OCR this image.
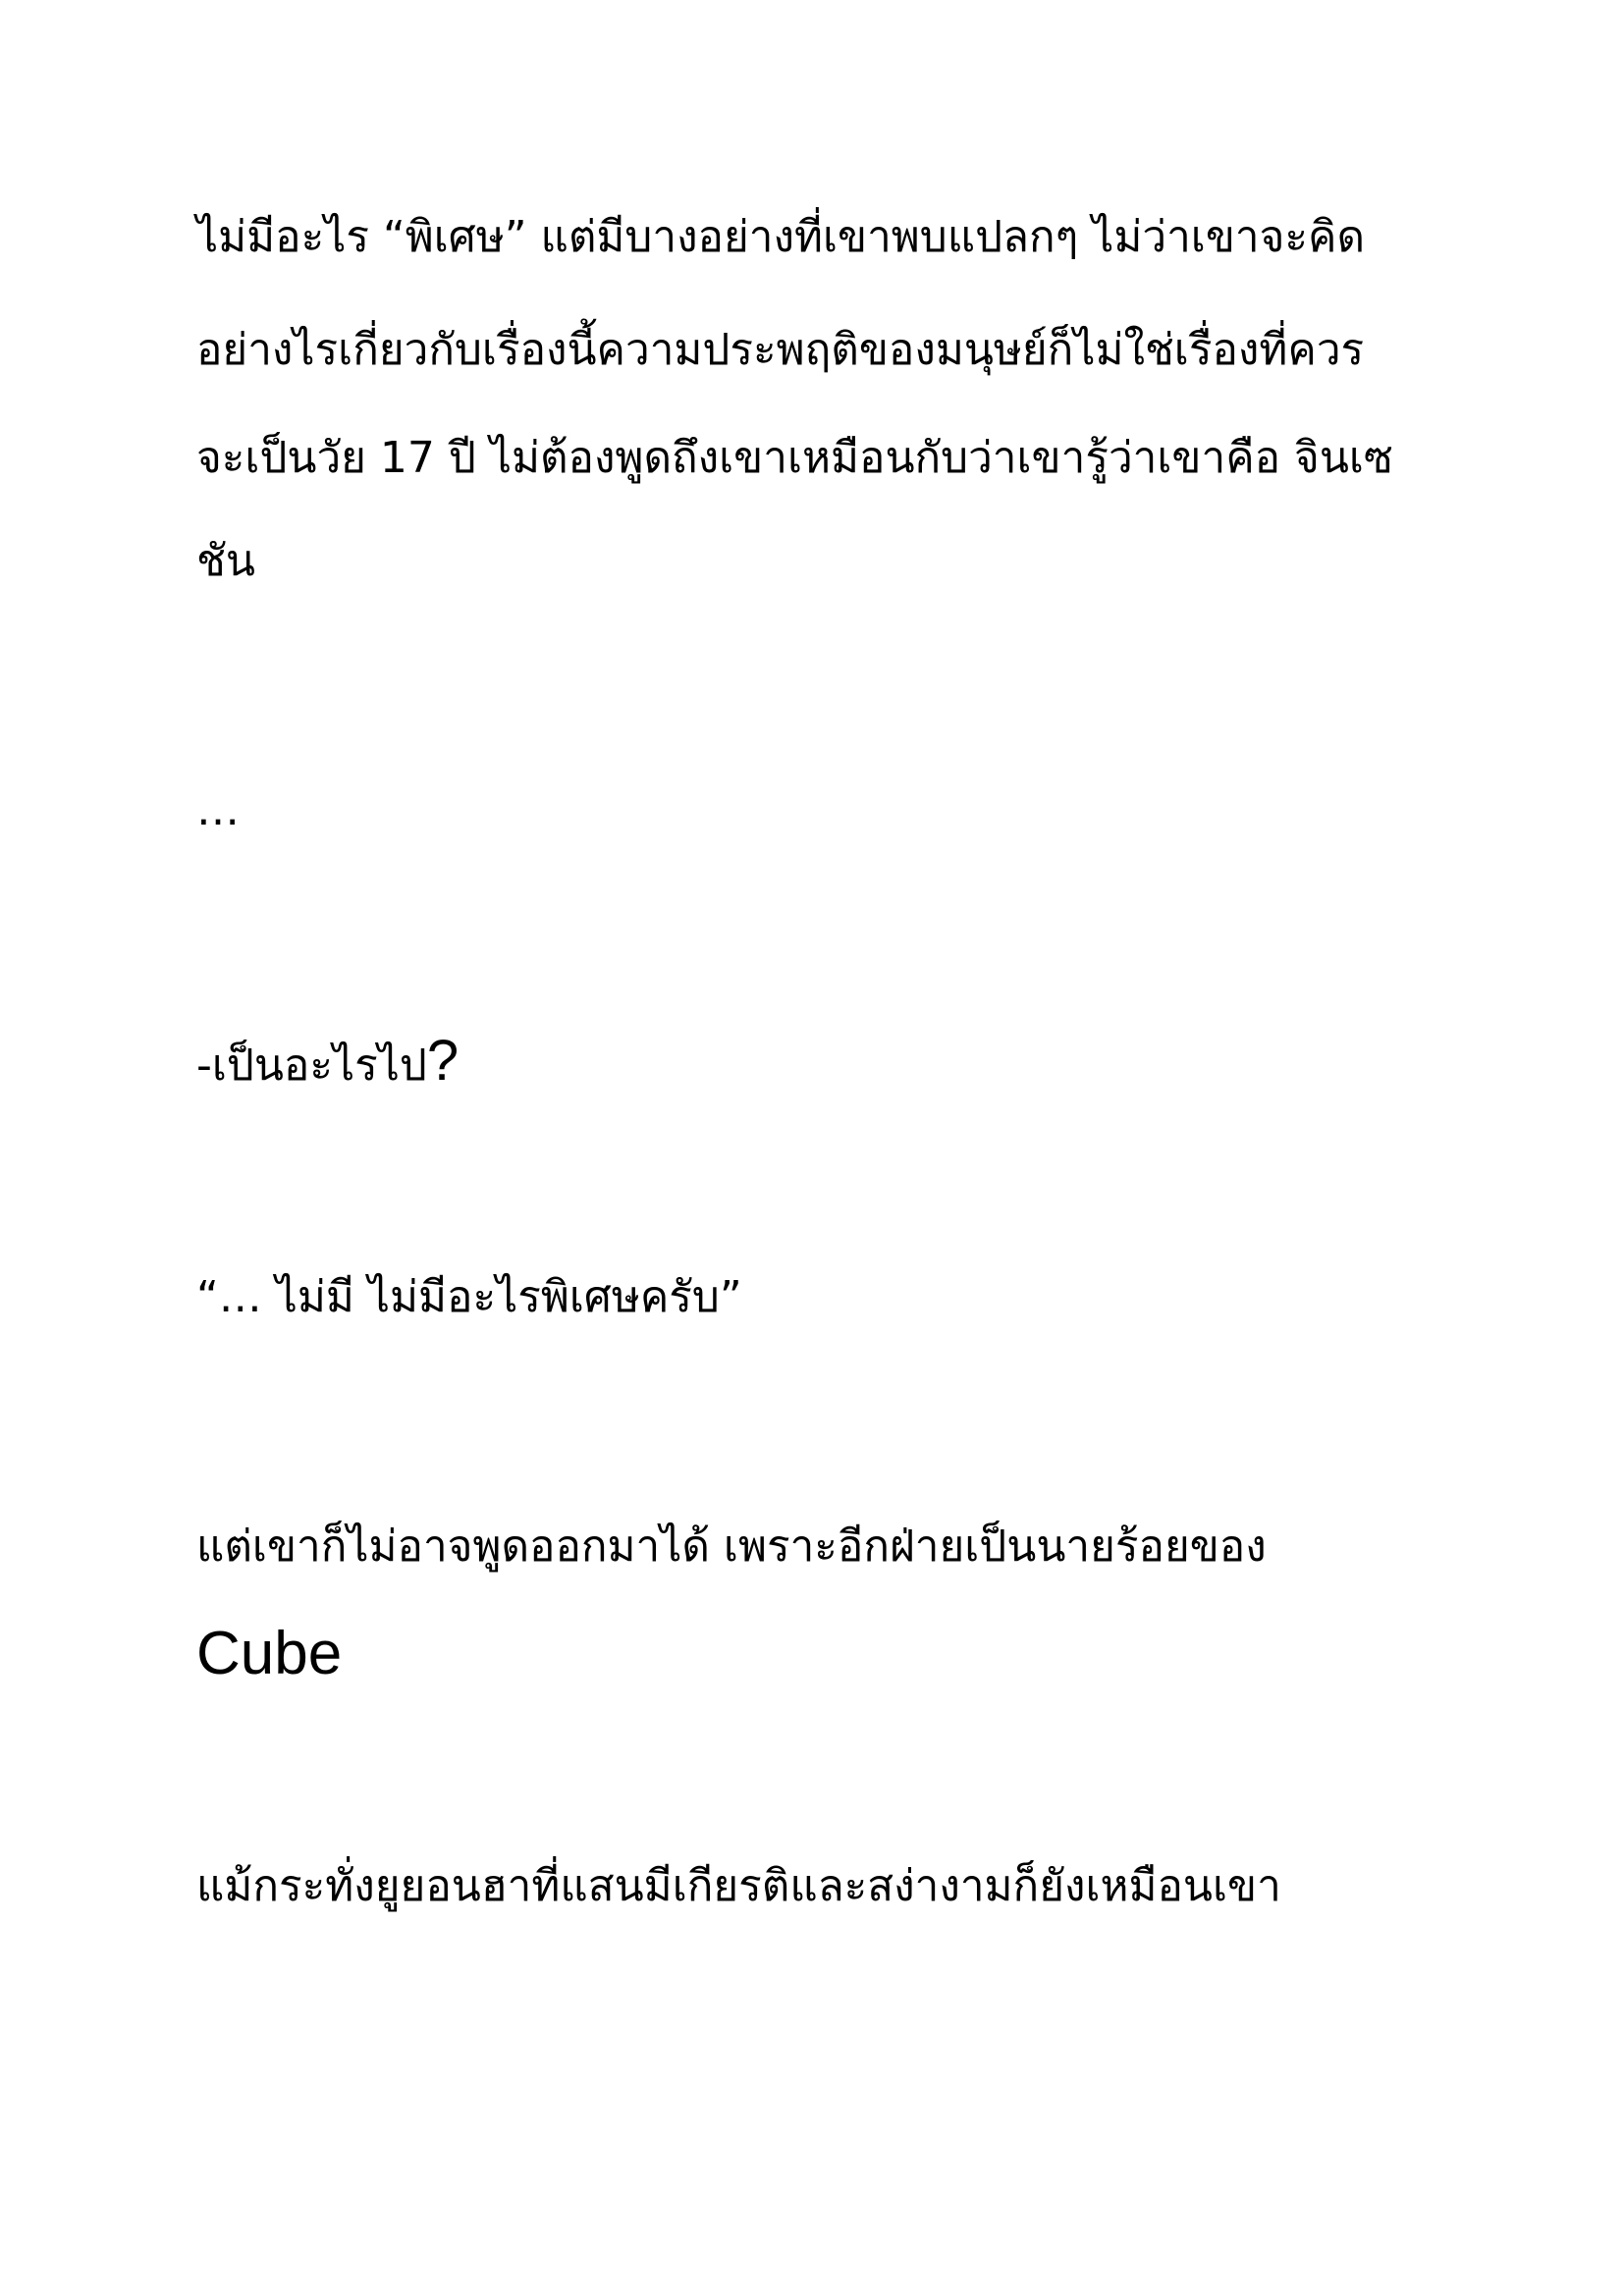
ไม่มีอะไร “พิเศษ” แต่มีบางอย่างที่เขาพบแปลกๆ ไม่ว่าเขาจะคิด
อย่างไรเกี่ยวกับเรื่องนี้ความประพฤติของมนุษย์ก็ไม่ใช่เรื่องที่ควร
จะเป็นวัย 17 ปี ไม่ต้องพูดถึงเขาเหมือนกับว่าเขารู้ว่าเขาคือ จินเซ
ชัน
…
-เป็นอะไรไป?
“… ไม่มี ไม่มีอะไรพิเศษครับ”
แต่เขาก็ไม่อาจพูดออกมาได้ เพราะอีกฝ่ายเป็นนายร้อยของ
Cube
แม้กระทั่งยูยอนฮาที่แสนมีเกียรติและสง่างามก็ยังเหมือนเขา
